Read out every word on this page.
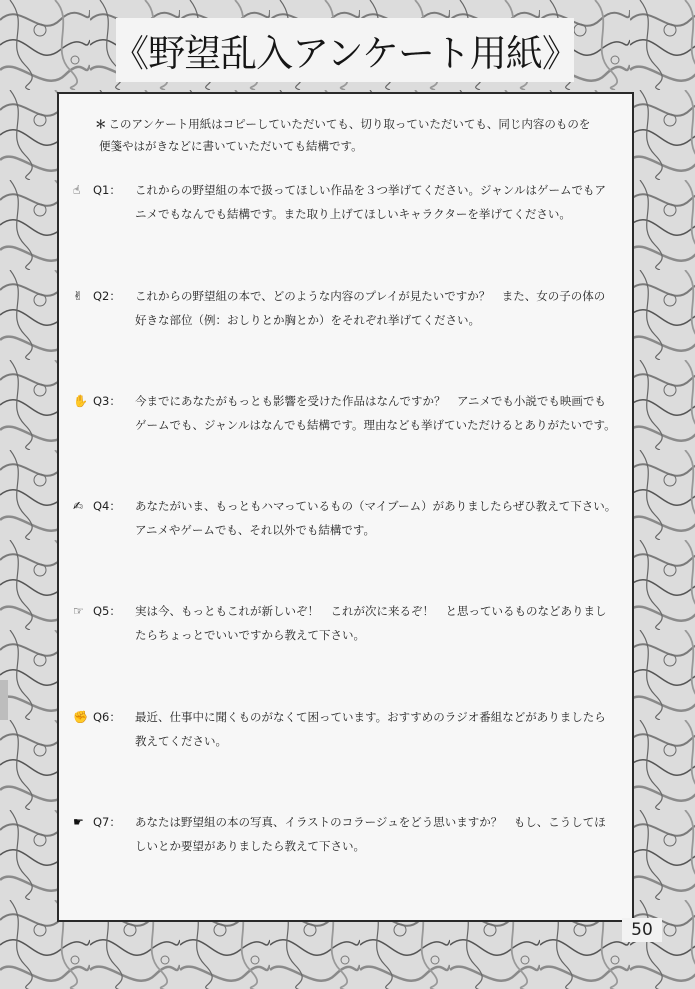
《野望乱入アンケート用紙》
＊ このアンケート用紙はコピーしていただいても、切り取っていただいても、同じ内容のものを
便箋やはがきなどに書いていただいても結構です。
☝ Q1： これからの野望組の本で扱ってほしい作品を３つ挙げてください。ジャンルはゲームでもア
ニメでもなんでも結構です。また取り上げてほしいキャラクターを挙げてください。
✌ Q2： これからの野望組の本で、どのような内容のプレイが見たいですか？　また、女の子の体の
好きな部位（例：おしりとか胸とか）をそれぞれ挙げてください。
✋ Q3： 今までにあなたがもっとも影響を受けた作品はなんですか？　アニメでも小説でも映画でも
ゲームでも、ジャンルはなんでも結構です。理由なども挙げていただけるとありがたいです。
✍ Q4： あなたがいま、もっともハマっているもの（マイブーム）がありましたらぜひ教えて下さい。
アニメやゲームでも、それ以外でも結構です。
☞ Q5： 実は今、もっともこれが新しいぞ！　これが次に来るぞ！　と思っているものなどありまし
たらちょっとでいいですから教えて下さい。
✊ Q6： 最近、仕事中に聞くものがなくて困っています。おすすめのラジオ番組などがありましたら
教えてください。
☛ Q7： あなたは野望組の本の写真、イラストのコラージュをどう思いますか？　もし、こうしてほ
しいとか要望がありましたら教えて下さい。
50
